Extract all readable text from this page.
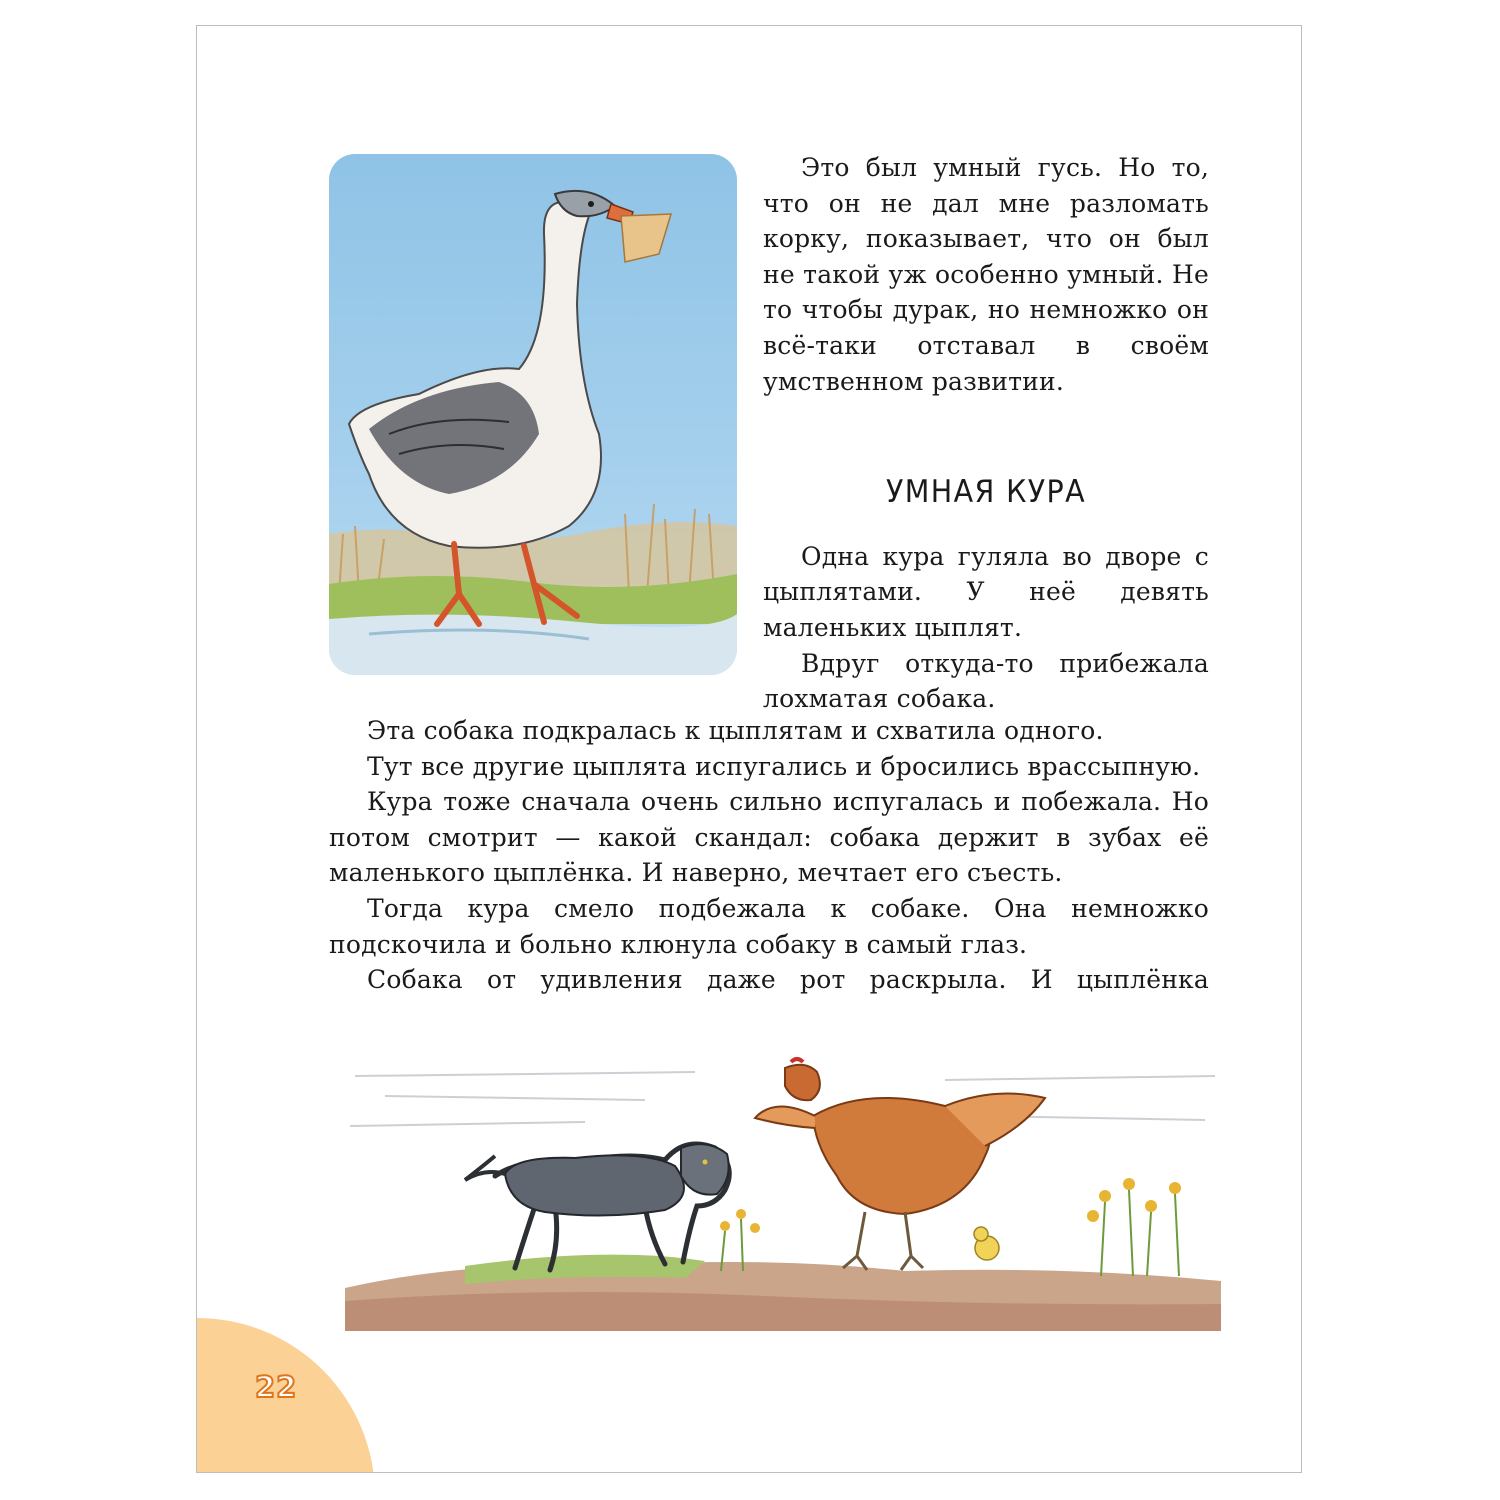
Это был умный гусь. Но то, что он не дал мне разломать корку, показывает, что он был не такой уж особенно умный. Не то чтобы дурак, но немножко он всё-таки отставал в своём умственном развитии.

УМНАЯ КУРА

Одна кура гуляла во дворе с цыплятами. У неё девять маленьких цыплят.

Вдруг откуда-то прибежала лохматая собака.

Эта собака подкралась к цыплятам и схватила одного.

Тут все другие цыплята испугались и бросились врассыпную.

Кура тоже сначала очень сильно испугалась и побежала. Но потом смотрит — какой скандал: собака держит в зубах её маленького цыплёнка. И наверно, мечтает его съесть.

Тогда кура смело подбежала к собаке. Она немножко подскочила и больно клюнула собаку в самый глаз.

Собака от удивления даже рот раскрыла. И цыплёнка

22
